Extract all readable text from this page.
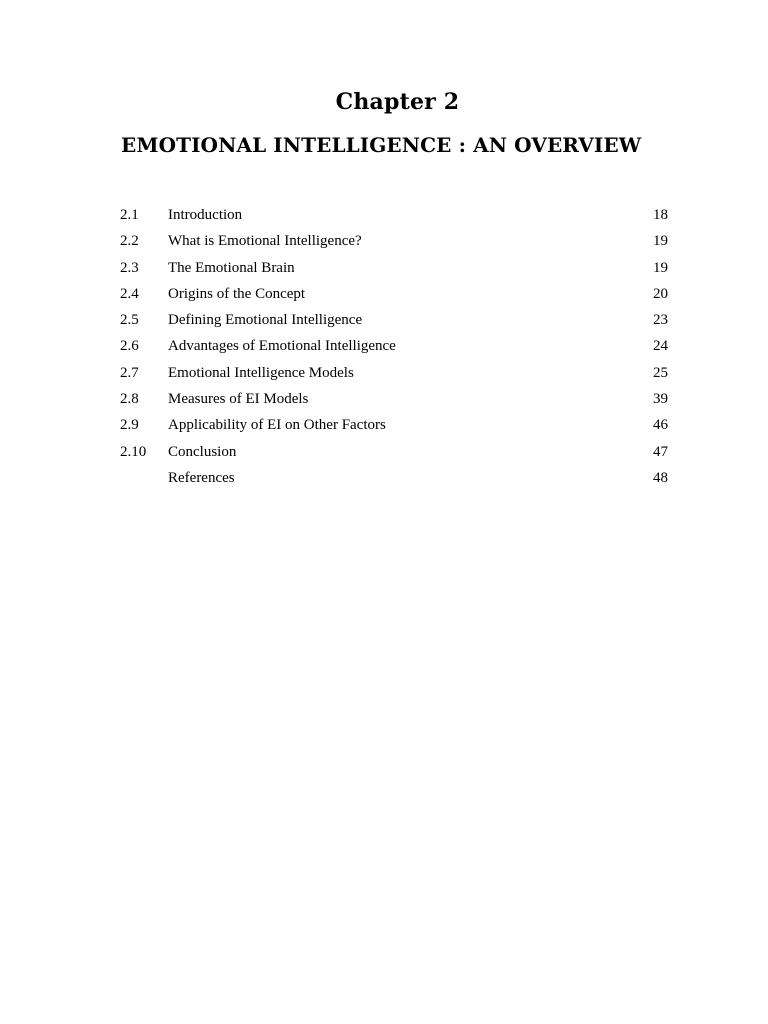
Chapter 2
EMOTIONAL INTELLIGENCE : AN OVERVIEW
2.1 Introduction	18
2.2 What is Emotional Intelligence?	19
2.3 The Emotional Brain	19
2.4 Origins of the Concept	20
2.5 Defining Emotional Intelligence	23
2.6 Advantages of Emotional Intelligence	24
2.7 Emotional Intelligence Models	25
2.8 Measures of EI Models	39
2.9 Applicability of EI on Other Factors	46
2.10 Conclusion	47
References	48
